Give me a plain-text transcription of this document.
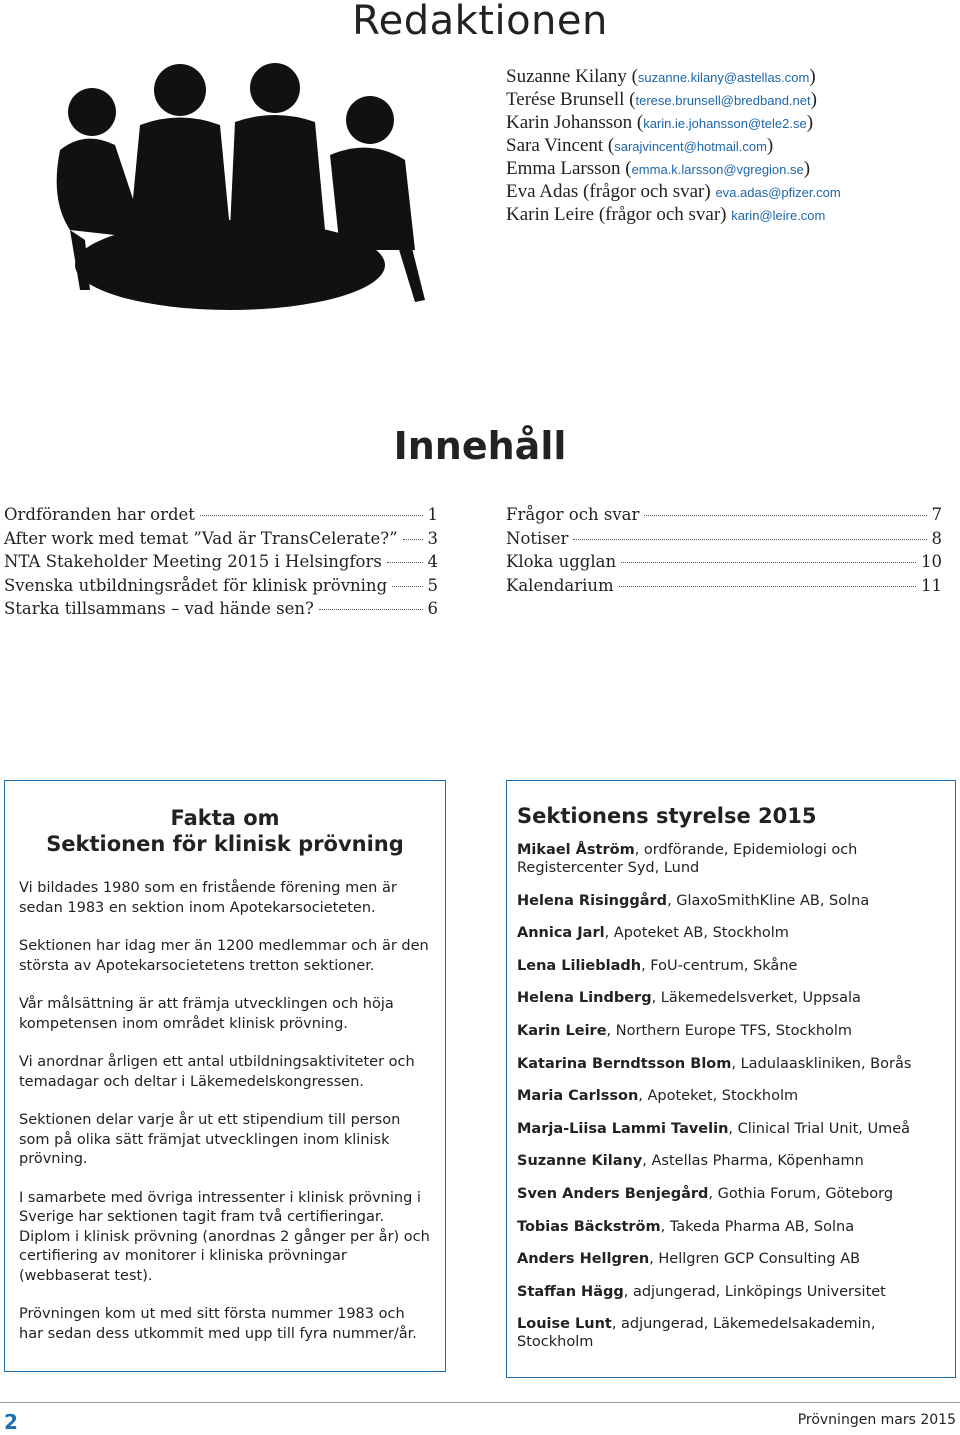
Redaktionen
Suzanne Kilany (suzanne.kilany@astellas.com)
Terése Brunsell (terese.brunsell@bredband.net)
Karin Johansson (karin.ie.johansson@tele2.se)
Sara Vincent (sarajvincent@hotmail.com)
Emma Larsson (emma.k.larsson@vgregion.se)
Eva Adas (frågor och svar) eva.adas@pfizer.com
Karin Leire (frågor och svar) karin@leire.com
Innehåll
Ordföranden har ordet	1
After work med temat ”Vad är TransCelerate?” 3
NTA Stakeholder Meeting 2015 i Helsingfors	4
Svenska utbildningsrådet för klinisk prövning 5
Starka tillsammans – vad hände sen?	6
Frågor och svar	7
Notiser	8
Kloka ugglan	10
Kalendarium	11
Fakta om
Sektionen för klinisk prövning

Vi bildades 1980 som en fristående förening men är sedan 1983 en sektion inom Apotekarsocieteten.

Sektionen har idag mer än 1200 medlemmar och är den största av Apotekarsocietetens tretton sektioner.

Vår målsättning är att främja utvecklingen och höja kompetensen inom området klinisk prövning.

Vi anordnar årligen ett antal utbildningsaktiviteter och temadagar och deltar i Läkemedelskongressen.

Sektionen delar varje år ut ett stipendium till person som på olika sätt främjat utvecklingen inom klinisk prövning.

I samarbete med övriga intressenter i klinisk prövning i Sverige har sektionen tagit fram två certifieringar. Diplom i klinisk prövning (anordnas 2 gånger per år) och certifiering av monitorer i kliniska prövningar (webbaserat test).

Prövningen kom ut med sitt första nummer 1983 och har sedan dess utkommit med upp till fyra nummer/år.

Sektionens styrelse 2015
Mikael Åström, ordförande, Epidemiologi och Registercenter Syd, Lund
Helena Risinggård, GlaxoSmithKline AB, Solna
Annica Jarl, Apoteket AB, Stockholm
Lena Liliebladh, FoU-centrum, Skåne
Helena Lindberg, Läkemedelsverket, Uppsala
Karin Leire, Northern Europe TFS, Stockholm
Katarina Berndtsson Blom, Ladulaaskliniken, Borås
Maria Carlsson, Apoteket, Stockholm
Marja-Liisa Lammi Tavelin, Clinical Trial Unit, Umeå
Suzanne Kilany, Astellas Pharma, Köpenhamn
Sven Anders Benjegård, Gothia Forum, Göteborg
Tobias Bäckström, Takeda Pharma AB, Solna
Anders Hellgren, Hellgren GCP Consulting AB
Staffan Hägg, adjungerad, Linköpings Universitet
Louise Lunt, adjungerad, Läkemedelsakademin, Stockholm
2	Prövningen mars 2015
